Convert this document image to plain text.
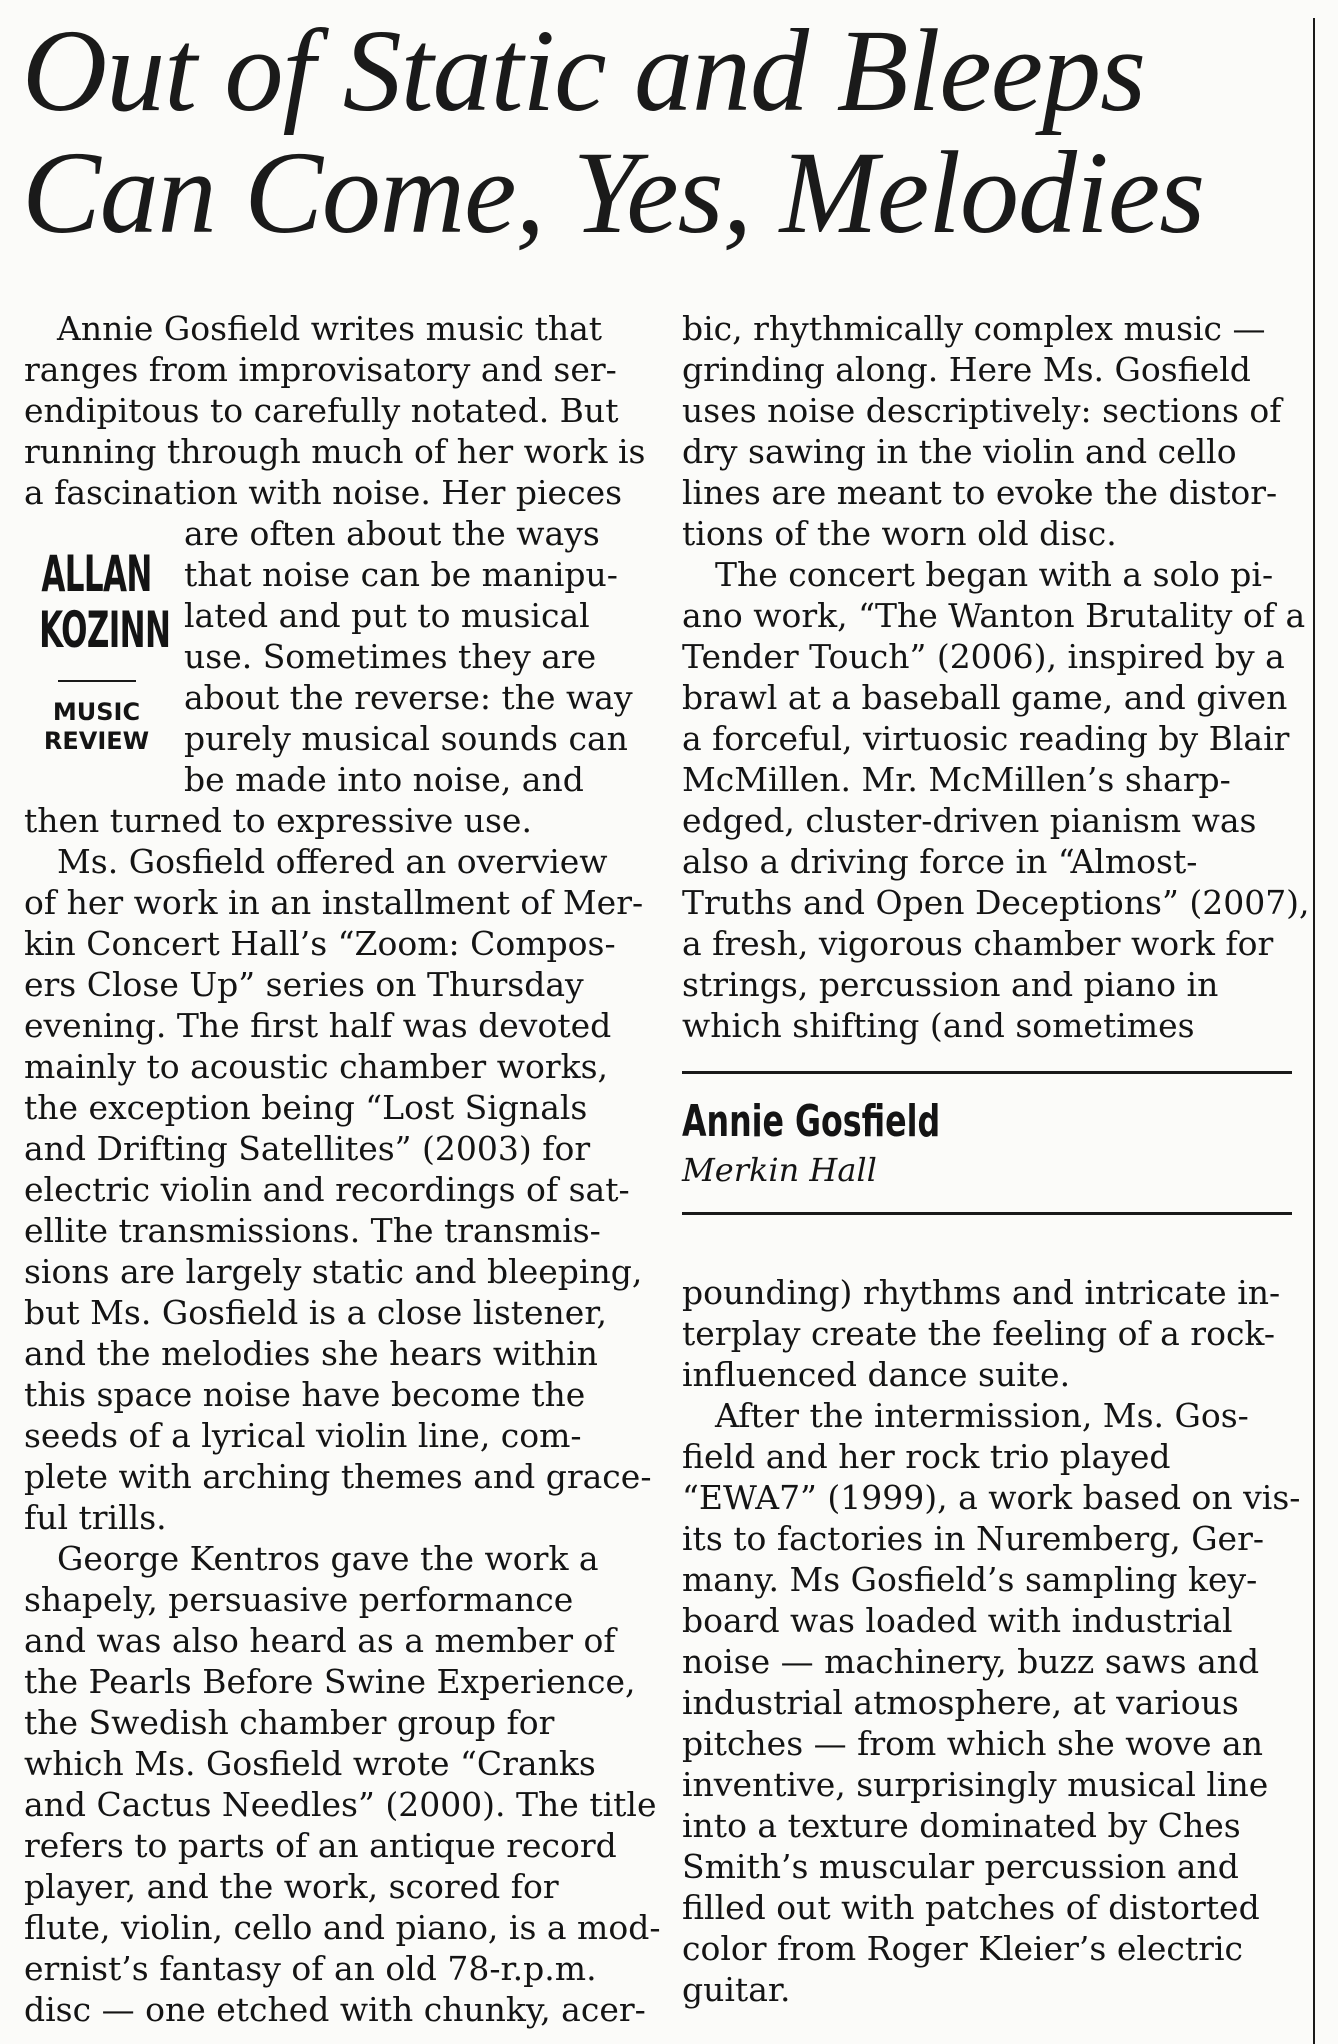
Out of Static and Bleeps
Can Come, Yes, Melodies
ALLAN
KOZINN
MUSIC
REVIEW
Annie Gosfield writes music that
ranges from improvisatory and ser-
endipitous to carefully notated. But
running through much of her work is
a fascination with noise. Her pieces
are often about the ways
that noise can be manipu-
lated and put to musical
use. Sometimes they are
about the reverse: the way
purely musical sounds can
be made into noise, and
then turned to expressive use.
Ms. Gosfield offered an overview
of her work in an installment of Mer-
kin Concert Hall’s “Zoom: Compos-
ers Close Up” series on Thursday
evening. The first half was devoted
mainly to acoustic chamber works,
the exception being “Lost Signals
and Drifting Satellites” (2003) for
electric violin and recordings of sat-
ellite transmissions. The transmis-
sions are largely static and bleeping,
but Ms. Gosfield is a close listener,
and the melodies she hears within
this space noise have become the
seeds of a lyrical violin line, com-
plete with arching themes and grace-
ful trills.
George Kentros gave the work a
shapely, persuasive performance
and was also heard as a member of
the Pearls Before Swine Experience,
the Swedish chamber group for
which Ms. Gosfield wrote “Cranks
and Cactus Needles” (2000). The title
refers to parts of an antique record
player, and the work, scored for
flute, violin, cello and piano, is a mod-
ernist’s fantasy of an old 78-r.p.m.
disc — one etched with chunky, acer-
bic, rhythmically complex music —
grinding along. Here Ms. Gosfield
uses noise descriptively: sections of
dry sawing in the violin and cello
lines are meant to evoke the distor-
tions of the worn old disc.
The concert began with a solo pi-
ano work, “The Wanton Brutality of a
Tender Touch” (2006), inspired by a
brawl at a baseball game, and given
a forceful, virtuosic reading by Blair
McMillen. Mr. McMillen’s sharp-
edged, cluster-driven pianism was
also a driving force in “Almost-
Truths and Open Deceptions” (2007),
a fresh, vigorous chamber work for
strings, percussion and piano in
which shifting (and sometimes
Annie Gosfield
Merkin Hall
pounding) rhythms and intricate in-
terplay create the feeling of a rock-
influenced dance suite.
After the intermission, Ms. Gos-
field and her rock trio played
“EWA7” (1999), a work based on vis-
its to factories in Nuremberg, Ger-
many. Ms Gosfield’s sampling key-
board was loaded with industrial
noise — machinery, buzz saws and
industrial atmosphere, at various
pitches — from which she wove an
inventive, surprisingly musical line
into a texture dominated by Ches
Smith’s muscular percussion and
filled out with patches of distorted
color from Roger Kleier’s electric
guitar.
